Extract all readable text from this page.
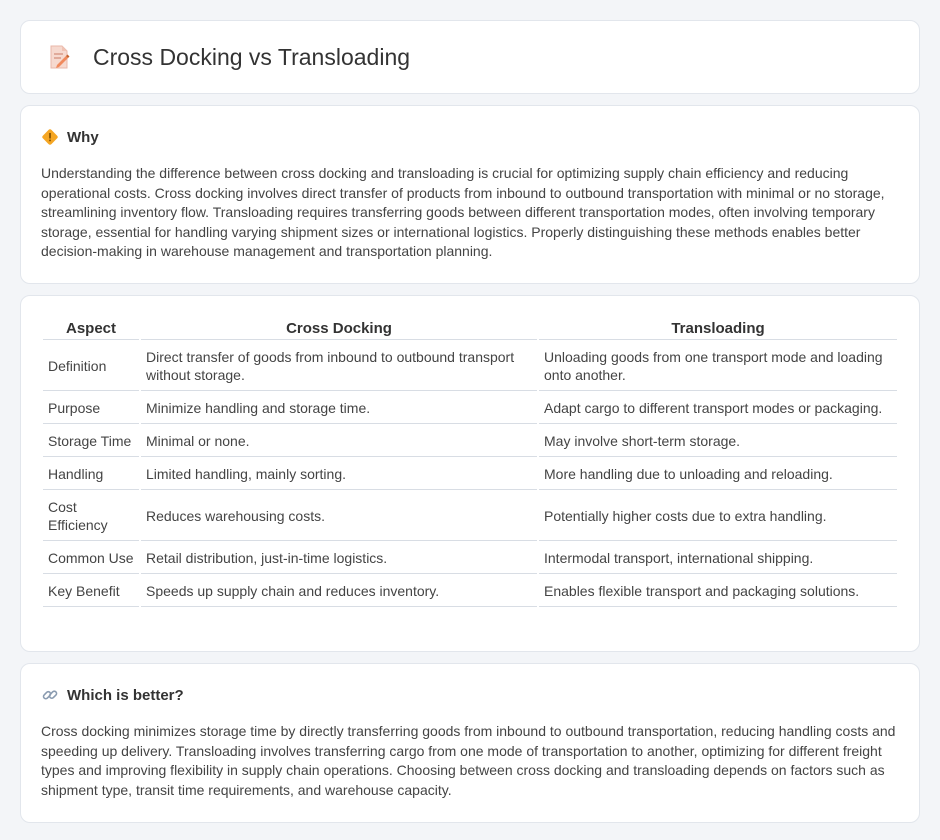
Cross Docking vs Transloading
Why

Understanding the difference between cross docking and transloading is crucial for optimizing supply chain efficiency and reducing operational costs. Cross docking involves direct transfer of products from inbound to outbound transportation with minimal or no storage, streamlining inventory flow. Transloading requires transferring goods between different transportation modes, often involving temporary storage, essential for handling varying shipment sizes or international logistics. Properly distinguishing these methods enables better decision-making in warehouse management and transportation planning.

Aspect	Cross Docking	Transloading
Definition	Direct transfer of goods from inbound to outbound transport without storage.	Unloading goods from one transport mode and loading onto another.
Purpose	Minimize handling and storage time.	Adapt cargo to different transport modes or packaging.
Storage Time	Minimal or none.	May involve short-term storage.
Handling	Limited handling, mainly sorting.	More handling due to unloading and reloading.
Cost Efficiency	Reduces warehousing costs.	Potentially higher costs due to extra handling.
Common Use	Retail distribution, just-in-time logistics.	Intermodal transport, international shipping.
Key Benefit	Speeds up supply chain and reduces inventory.	Enables flexible transport and packaging solutions.
Which is better?

Cross docking minimizes storage time by directly transferring goods from inbound to outbound transportation, reducing handling costs and speeding up delivery. Transloading involves transferring cargo from one mode of transportation to another, optimizing for different freight types and improving flexibility in supply chain operations. Choosing between cross docking and transloading depends on factors such as shipment type, transit time requirements, and warehouse capacity.
